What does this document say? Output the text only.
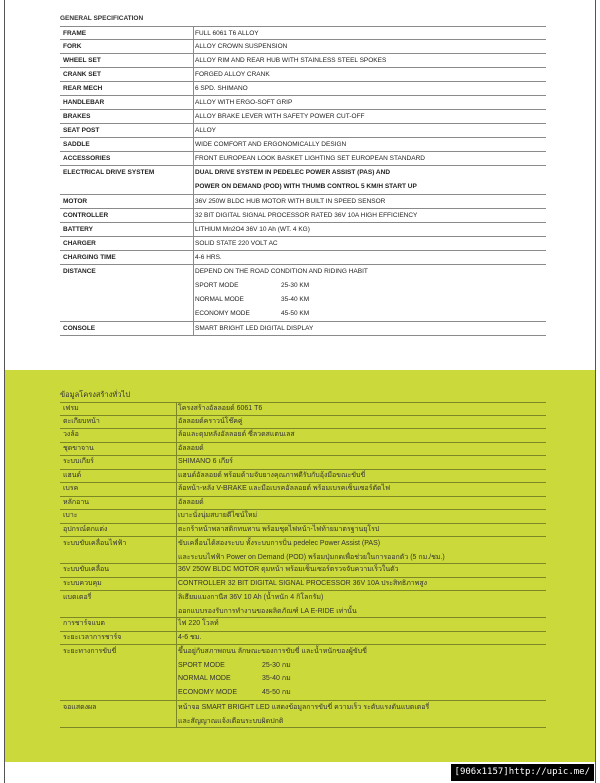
GENERAL SPECIFICATION
FRAME	FULL 6061 T6 ALLOY
FORK	ALLOY CROWN SUSPENSION
WHEEL SET	ALLOY RIM AND REAR HUB WITH STAINLESS STEEL SPOKES
CRANK SET	FORGED ALLOY CRANK
REAR MECH	6 SPD. SHIMANO
HANDLEBAR	ALLOY WITH ERGO-SOFT GRIP
BRAKES	ALLOY BRAKE LEVER WITH SAFETY POWER CUT-OFF
SEAT POST	ALLOY
SADDLE	WIDE COMFORT AND ERGONOMICALLY DESIGN
ACCESSORIES	FRONT EUROPEAN LOOK BASKET LIGHTING SET EUROPEAN STANDARD
ELECTRICAL DRIVE SYSTEM	DUAL DRIVE SYSTEM IN PEDELEC POWER ASSIST (PAS) AND
POWER ON DEMAND (POD) WITH THUMB CONTROL 5 KM/H START UP
MOTOR	36V 250W BLDC HUB MOTOR WITH BUILT IN SPEED SENSOR
CONTROLLER	32 BIT DIGITAL SIGNAL PROCESSOR RATED 36V 10A HIGH EFFICIENCY
BATTERY	LITHIUM Mn2O4 36V 10 Ah (WT. 4 KG)
CHARGER	SOLID STATE 220 VOLT AC
CHARGING TIME	4-6 HRS.
DISTANCE	DEPEND ON THE ROAD CONDITION AND RIDING HABIT
SPORT MODE	25-30 KM
NORMAL MODE	35-40 KM
ECONOMY MODE	45-50 KM
CONSOLE	SMART BRIGHT LED DIGITAL DISPLAY
ข้อมูลโครงสร้างทั่วไป
เฟรม	โครงสร้างอัลลอยด์ 6061 T6
ตะเกียบหน้า	อัลลอยด์คราวน์โช๊คคู่
วงล้อ	ล้อและดุมหลังอัลลอยด์ ซี่ลวดสแตนเลส
ชุดขาจาน	อัลลอยด์
ระบบเกียร์	SHIMANO 6 เกียร์
แฮนด์	แฮนด์อัลลอยด์ พร้อมด้ามจับยางคุณภาพดีรับกับอุ้งมือขณะขับขี่
เบรค	ล้อหน้า-หลัง V-BRAKE และมือเบรคอัลลอยด์ พร้อมเบรคเซ็นเซอร์ตัดไฟ
หลักอาน	อัลลอยด์
เบาะ	เบาะนั่งนุ่มสบายดีไซน์ใหม่
อุปกรณ์ตกแต่ง	ตะกร้าหน้าพลาสติกทนทาน พร้อมชุดไฟหน้า-ไฟท้ายมาตรฐานยุโรป
ระบบขับเคลื่อนไฟฟ้า	ขับเคลื่อนได้สองระบบ ทั้งระบบการปั่น pedelec Power Assist (PAS)
และระบบไฟฟ้า Power on Demand (POD) พร้อมปุ่มกดเพื่อช่วยในการออกตัว (5 กม./ชม.)
ระบบขับเคลื่อน	36V 250W BLDC MOTOR ดุมหน้า พร้อมเซ็นเซอร์ตรวจจับความเร็วในตัว
ระบบควบคุม	CONTROLLER 32 BIT DIGITAL SIGNAL PROCESSOR 36V 10A ประสิทธิภาพสูง
แบตเตอรี่	ลิเธียมแมงกานีส 36V 10 Ah (น้ำหนัก 4 กิโลกรัม)
ออกแบบรองรับการทำงานของผลิตภัณฑ์ LA E-RIDE เท่านั้น
การชาร์จแบต	ไฟ 220 โวลท์
ระยะเวลาการชาร์จ	4-6 ชม.
ระยะทางการขับขี่	ขึ้นอยู่กับสภาพถนน ลักษณะของการขับขี่ และน้ำหนักของผู้ขับขี่
SPORT MODE	25-30 กม
NORMAL MODE	35-40 กม
ECONOMY MODE	45-50 กม
จอแสดงผล	หน้าจอ SMART BRIGHT LED แสดงข้อมูลการขับขี่ ความเร็ว ระดับแรงดันแบตเตอรี่
และสัญญาณแจ้งเตือนระบบผิดปกติ
[906x1157]http://upic.me/
